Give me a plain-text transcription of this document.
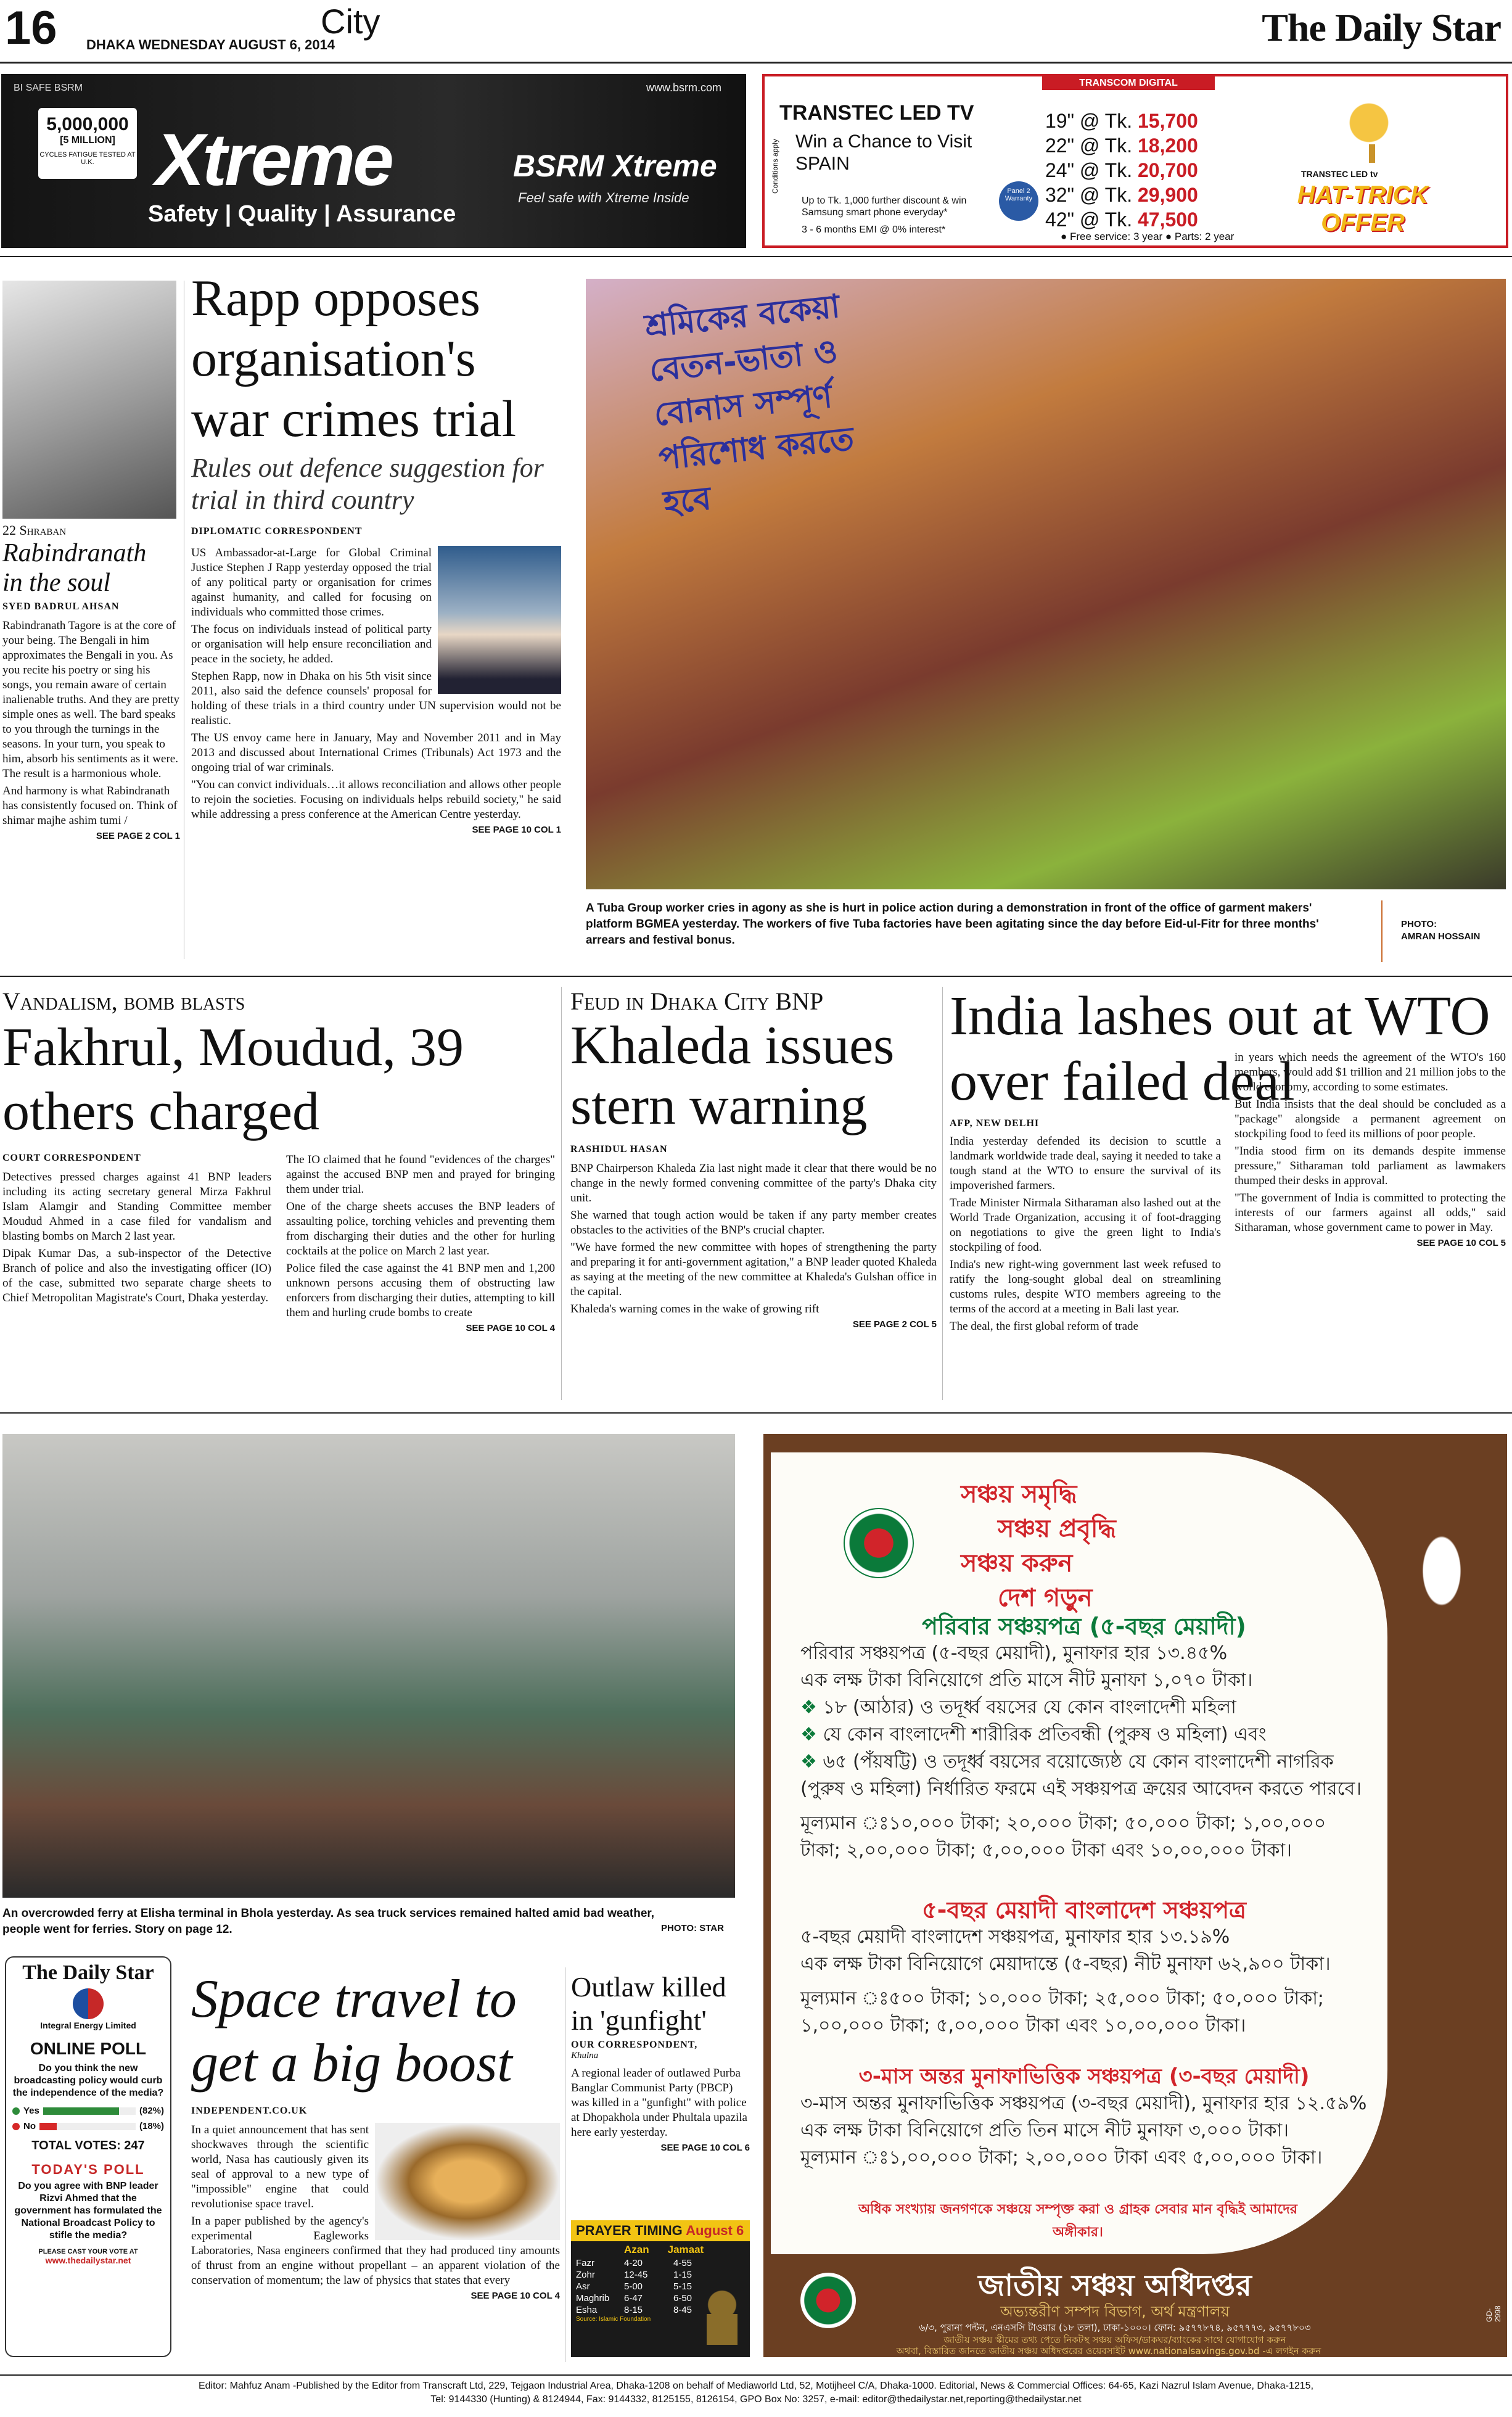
16 DHAKA WEDNESDAY AUGUST 6, 2014
City	The Daily Star
BI SAFE BSRM	www.bsrm.com
5,000,000
[5 MILLION]
CYCLES FATIGUE TESTED AT U.K. Xtreme
Safety | Quality | Assurance
BSRM Xtreme
Feel safe with Xtreme Inside
TRANSCOM DIGITAL
TRANSTEC LED TV
Win a Chance to Visit SPAIN
Conditions apply
Up to Tk. 1,000 further discount & win Samsung smart phone everyday*
3 - 6 months EMI @ 0% interest*
Panel 2 Warranty
19" @ Tk. 15,700
22" @ Tk. 18,200
24" @ Tk. 20,700
32" @ Tk. 29,900
42" @ Tk. 47,500
● Free service: 3 year ● Parts: 2 year
TRANSTEC LED tv
HAT-TRICK OFFER
22 Shraban
Rabindranath in the soul
SYED BADRUL AHSAN

Rabindranath Tagore is at the core of your being. The Bengali in him approximates the Bengali in you. As you recite his poetry or sing his songs, you remain aware of certain inalienable truths. And they are pretty simple ones as well. The bard speaks to you through the turnings in the seasons. In your turn, you speak to him, absorb his sentiments as it were. The result is a harmonious whole.

And harmony is what Rabindranath has consistently focused on. Think of shimar majhe ashim tumi /

SEE PAGE 2 COL 1
Rapp opposes organisation's war crimes trial
Rules out defence suggestion for trial in third country
DIPLOMATIC CORRESPONDENT

US Ambassador-at-Large for Global Criminal Justice Stephen J Rapp yesterday opposed the trial of any political party or organisation for crimes against humanity, and called for focusing on individuals who committed those crimes.

The focus on individuals instead of political party or organisation will help ensure reconciliation and peace in the society, he added.

Stephen Rapp, now in Dhaka on his 5th visit since 2011, also said the defence counsels' proposal for holding of these trials in a third country under UN supervision would not be realistic.

The US envoy came here in January, May and November 2011 and in May 2013 and discussed about International Crimes (Tribunals) Act 1973 and the ongoing trial of war criminals.

"You can convict individuals…it allows reconciliation and allows other people to rejoin the societies. Focusing on individuals helps rebuild society," he said while addressing a press conference at the American Centre yesterday.

SEE PAGE 10 COL 1
শ্রমিকের বকেয়া বেতন-ভাতা ও বোনাস সম্পূর্ণ পরিশোধ করতে হবে
A Tuba Group worker cries in agony as she is hurt in police action during a demonstration in front of the office of garment makers' platform BGMEA yesterday. The workers of five Tuba factories have been agitating since the day before Eid-ul-Fitr for three months' arrears and festival bonus.
PHOTO:
AMRAN HOSSAIN
Vandalism, bomb blasts
Fakhrul, Moudud, 39 others charged
COURT CORRESPONDENT

Detectives pressed charges against 41 BNP leaders including its acting secretary general Mirza Fakhrul Islam Alamgir and Standing Committee member Moudud Ahmed in a case filed for vandalism and blasting bombs on March 2 last year.

Dipak Kumar Das, a sub-inspector of the Detective Branch of police and also the investigating officer (IO) of the case, submitted two separate charge sheets to Chief Metropolitan Magistrate's Court, Dhaka yesterday.

The IO claimed that he found "evidences of the charges" against the accused BNP men and prayed for bringing them under trial.

One of the charge sheets accuses the BNP leaders of assaulting police, torching vehicles and preventing them from discharging their duties and the other for hurling cocktails at the police on March 2 last year.

Police filed the case against the 41 BNP men and 1,200 unknown persons accusing them of obstructing law enforcers from discharging their duties, attempting to kill them and hurling crude bombs to create

SEE PAGE 10 COL 4
Feud in Dhaka City BNP
Khaleda issues stern warning
RASHIDUL HASAN

BNP Chairperson Khaleda Zia last night made it clear that there would be no change in the newly formed convening committee of the party's Dhaka city unit.

She warned that tough action would be taken if any party member creates obstacles to the activities of the BNP's crucial chapter.

"We have formed the new committee with hopes of strengthening the party and preparing it for anti-government agitation," a BNP leader quoted Khaleda as saying at the meeting of the new committee at Khaleda's Gulshan office in the capital.

Khaleda's warning comes in the wake of growing rift

SEE PAGE 2 COL 5
India lashes out at WTO over failed deal
AFP, NEW DELHI

India yesterday defended its decision to scuttle a landmark worldwide trade deal, saying it needed to take a tough stand at the WTO to ensure the survival of its impoverished farmers.

Trade Minister Nirmala Sitharaman also lashed out at the World Trade Organization, accusing it of foot-dragging on negotiations to give the green light to India's stockpiling of food.

India's new right-wing government last week refused to ratify the long-sought global deal on streamlining customs rules, despite WTO members agreeing to the terms of the accord at a meeting in Bali last year.

The deal, the first global reform of trade

in years which needs the agreement of the WTO's 160 members, would add $1 trillion and 21 million jobs to the world economy, according to some estimates.

But India insists that the deal should be concluded as a "package" alongside a permanent agreement on stockpiling food to feed its millions of poor people.

"India stood firm on its demands despite immense pressure," Sitharaman told parliament as lawmakers thumped their desks in approval.

"The government of India is committed to protecting the interests of our farmers against all odds," said Sitharaman, whose government came to power in May.

SEE PAGE 10 COL 5
An overcrowded ferry at Elisha terminal in Bhola yesterday. As sea truck services remained halted amid bad weather, people went for ferries. Story on page 12.	PHOTO: STAR
The Daily Star
Integral Energy Limited
ONLINE POLL
Do you think the new broadcasting policy would curb the independence of the media?
Yes	(82%)
No	(18%)
TOTAL VOTES: 247
TODAY'S POLL
Do you agree with BNP leader Rizvi Ahmed that the government has formulated the National Broadcast Policy to stifle the media?
PLEASE CAST YOUR VOTE AT
www.thedailystar.net
Space travel to get a big boost
INDEPENDENT.CO.UK

In a quiet announcement that has sent shockwaves through the scientific world, Nasa has cautiously given its seal of approval to a new type of "impossible" engine that could revolutionise space travel.

In a paper published by the agency's experimental Eagleworks Laboratories, Nasa engineers confirmed that they had produced tiny amounts of thrust from an engine without propellant – an apparent violation of the conservation of momentum; the law of physics that states that every

SEE PAGE 10 COL 4
Outlaw killed in 'gunfight'
OUR CORRESPONDENT,
Khulna

A regional leader of outlawed Purba Banglar Communist Party (PBCP) was killed in a "gunfight" with police at Dhopakhola under Phultala upazila here early yesterday.

SEE PAGE 10 COL 6
PRAYER TIMING August 6
Azan Jamaat
Fazr	4-20	4-55
Zohr	12-45	1-15
Asr	5-00	5-15
Maghrib	6-47	6-50
Esha	8-15	8-45
Source: Islamic Foundation
সঞ্চয় সমৃদ্ধি
সঞ্চয় প্রবৃদ্ধি
সঞ্চয় করুন
দেশ গড়ুন
পরিবার সঞ্চয়পত্র (৫-বছর মেয়াদী)
পরিবার সঞ্চয়পত্র (৫-বছর মেয়াদী), মুনাফার হার ১৩.৪৫%
এক লক্ষ টাকা বিনিয়োগে প্রতি মাসে নীট মুনাফা ১,০৭০ টাকা।
❖ ১৮ (আঠার) ও তদূর্ধ্ব বয়সের যে কোন বাংলাদেশী মহিলা
❖ যে কোন বাংলাদেশী শারীরিক প্রতিবন্ধী (পুরুষ ও মহিলা) এবং
❖ ৬৫ (পঁয়ষট্টি) ও তদূর্ধ্ব বয়সের বয়োজ্যেষ্ঠ যে কোন বাংলাদেশী নাগরিক (পুরুষ ও মহিলা) নির্ধারিত ফরমে এই সঞ্চয়পত্র ক্রয়ের আবেদন করতে পারবে।
মূল্যমান ঃ১০,০০০ টাকা; ২০,০০০ টাকা; ৫০,০০০ টাকা; ১,০০,০০০ টাকা; ২,০০,০০০ টাকা; ৫,০০,০০০ টাকা এবং ১০,০০,০০০ টাকা।
৫-বছর মেয়াদী বাংলাদেশ সঞ্চয়পত্র
৫-বছর মেয়াদী বাংলাদেশ সঞ্চয়পত্র, মুনাফার হার ১৩.১৯%
এক লক্ষ টাকা বিনিয়োগে মেয়াদান্তে (৫-বছর) নীট মুনাফা ৬২,৯০০ টাকা।
মূল্যমান ঃ৫০০ টাকা; ১০,০০০ টাকা; ২৫,০০০ টাকা; ৫০,০০০ টাকা; ১,০০,০০০ টাকা; ৫,০০,০০০ টাকা এবং ১০,০০,০০০ টাকা।
৩-মাস অন্তর মুনাফাভিত্তিক সঞ্চয়পত্র (৩-বছর মেয়াদী)
৩-মাস অন্তর মুনাফাভিত্তিক সঞ্চয়পত্র (৩-বছর মেয়াদী), মুনাফার হার ১২.৫৯%
এক লক্ষ টাকা বিনিয়োগে প্রতি তিন মাসে নীট মুনাফা ৩,০০০ টাকা।
মূল্যমান ঃ১,০০,০০০ টাকা; ২,০০,০০০ টাকা এবং ৫,০০,০০০ টাকা।
অধিক সংখ্যায় জনগণকে সঞ্চয়ে সম্পৃক্ত করা ও গ্রাহক সেবার মান বৃদ্ধিই আমাদের অঙ্গীকার।
জাতীয় সঞ্চয় অধিদপ্তর
অভ্যন্তরীণ সম্পদ বিভাগ, অর্থ মন্ত্রণালয়
৬/৩, পুরানা পল্টন, এনএসসি টাওয়ার (১৮ তলা), ঢাকা-১০০০। ফোন: ৯৫৭৭৮৭৪, ৯৫৭৭৭৩, ৯৫৭৭৮০৩
জাতীয় সঞ্চয় স্কীমের তথ্য পেতে নিকটস্থ সঞ্চয় অফিস/ডাকঘর/ব্যাংকের সাথে যোগাযোগ করুন
অথবা, বিস্তারিত জানতে জাতীয় সঞ্চয় অধিদপ্তরের ওয়েবসাইট www.nationalsavings.gov.bd -এ লগইন করুন
GD-2998
Editor: Mahfuz Anam -Published by the Editor from Transcraft Ltd, 229, Tejgaon Industrial Area, Dhaka-1208 on behalf of Mediaworld Ltd, 52, Motijheel C/A, Dhaka-1000. Editorial, News & Commercial Offices: 64-65, Kazi Nazrul Islam Avenue, Dhaka-1215,
Tel: 9144330 (Hunting) & 8124944, Fax: 9144332, 8125155, 8126154, GPO Box No: 3257, e-mail: editor@thedailystar.net,reporting@thedailystar.net
